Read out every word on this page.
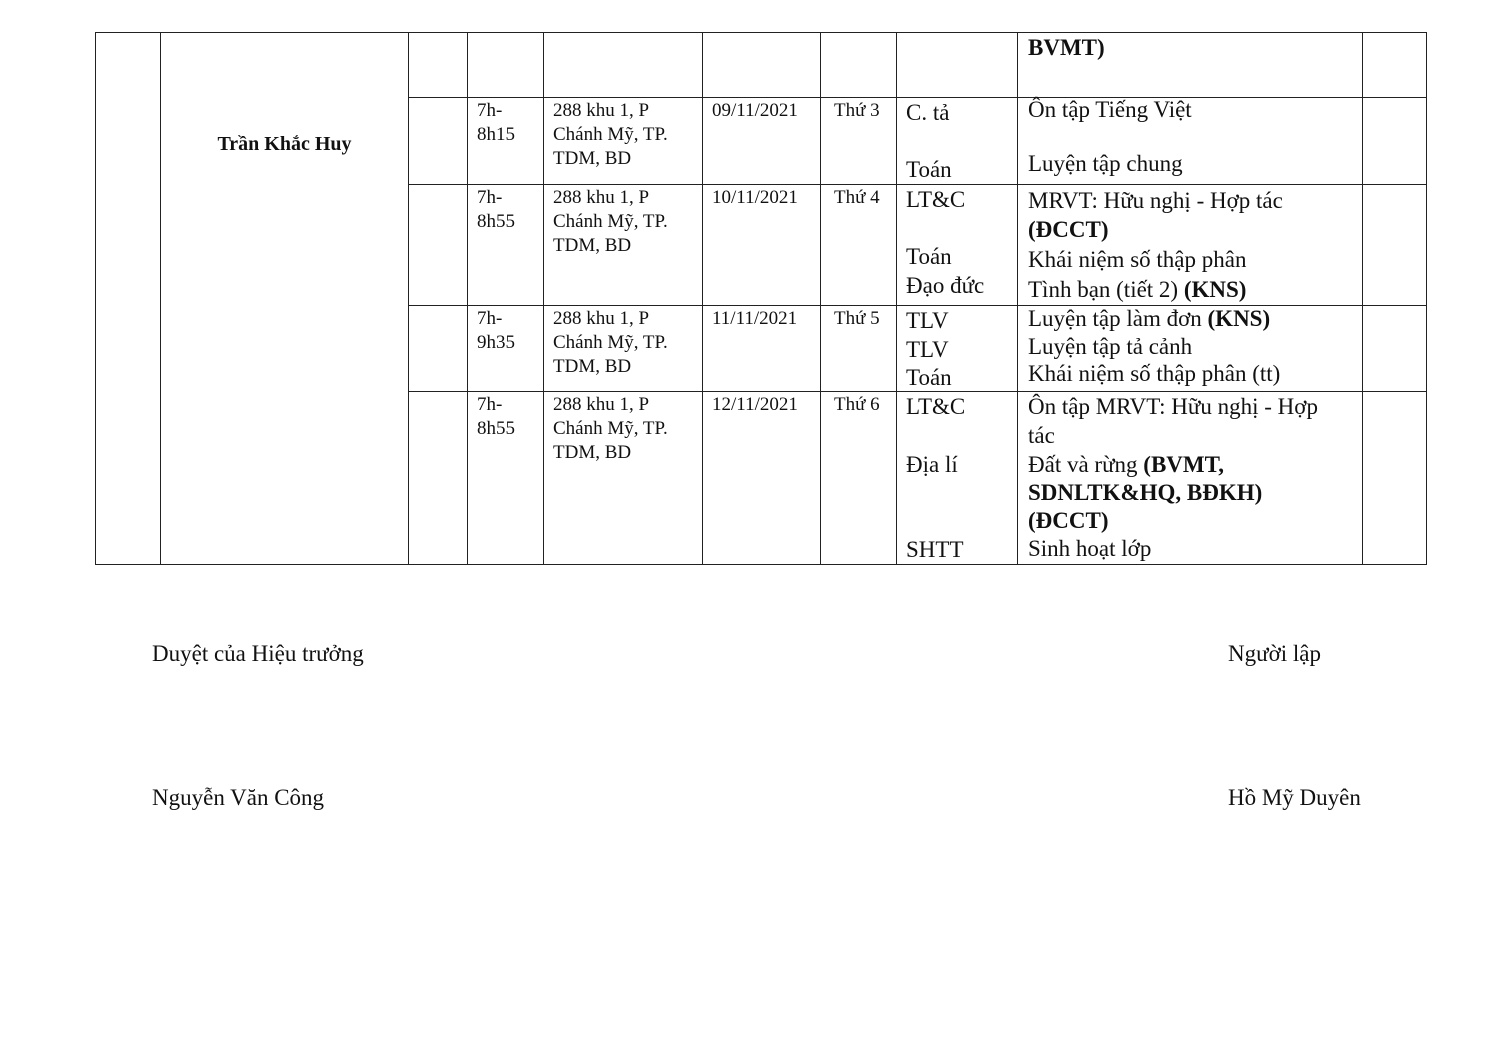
Trần Khắc Huy
BVMT)
7h-
8h15
288 khu 1, P
Chánh Mỹ, TP.
TDM, BD
09/11/2021 Thứ 3 C. tả
Toán
Ôn tập Tiếng Việt
Luyện tập chung
7h-
8h55
288 khu 1, P
Chánh Mỹ, TP.
TDM, BD
10/11/2021 Thứ 4 LT&C
Toán
Đạo đức
MRVT: Hữu nghị - Hợp tác
(ĐCCT)
Khái niệm số thập phân
Tình bạn (tiết 2) (KNS)
7h-
9h35
288 khu 1, P
Chánh Mỹ, TP.
TDM, BD
11/11/2021 Thứ 5 TLV
TLV
Toán
Luyện tập làm đơn (KNS)
Luyện tập tả cảnh
Khái niệm số thập phân (tt)
7h-
8h55
288 khu 1, P
Chánh Mỹ, TP.
TDM, BD
12/11/2021 Thứ 6 LT&C
Địa lí
SHTT
Ôn tập MRVT: Hữu nghị - Hợp
tác
Đất và rừng (BVMT,
SDNLTK&HQ, BĐKH)
(ĐCCT)
Sinh hoạt lớp
Duyệt của Hiệu trưởng	Người lập
Nguyễn Văn Công	Hồ Mỹ Duyên
